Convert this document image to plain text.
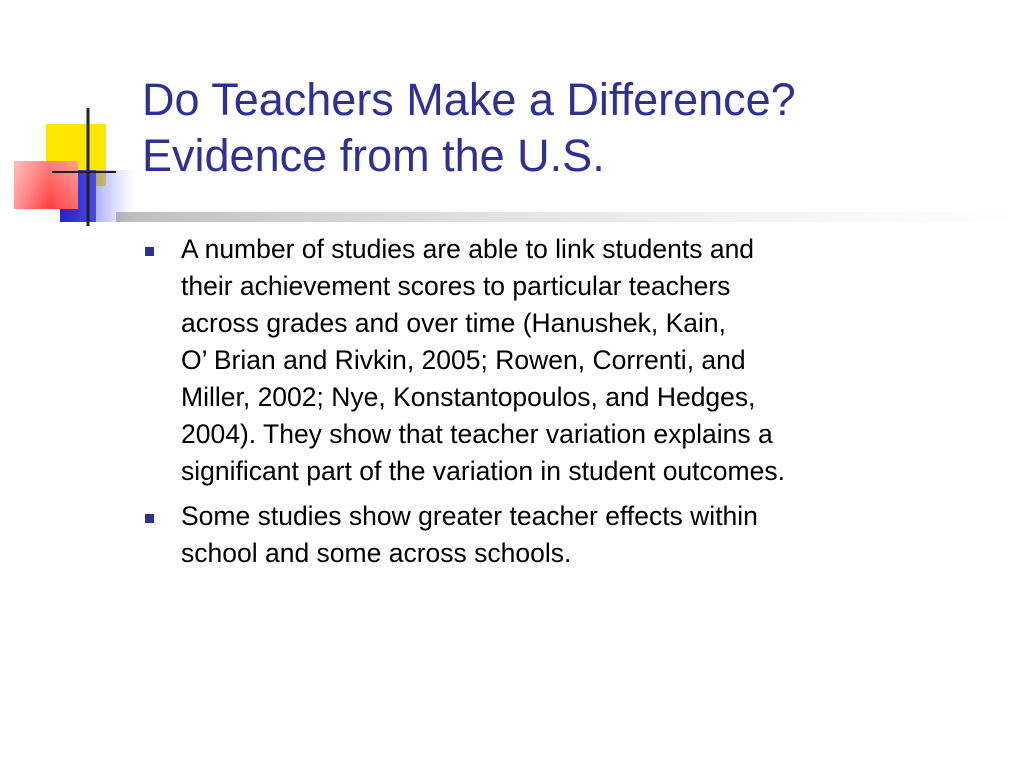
Do Teachers Make a Difference?
Evidence from the U.S.
A number of studies are able to link students and
their achievement scores to particular teachers
across grades and over time (Hanushek, Kain,
O’ Brian and Rivkin, 2005; Rowen, Correnti, and
Miller, 2002; Nye, Konstantopoulos, and Hedges,
2004). They show that teacher variation explains a
significant part of the variation in student outcomes.
Some studies show greater teacher effects within
school and some across schools.
